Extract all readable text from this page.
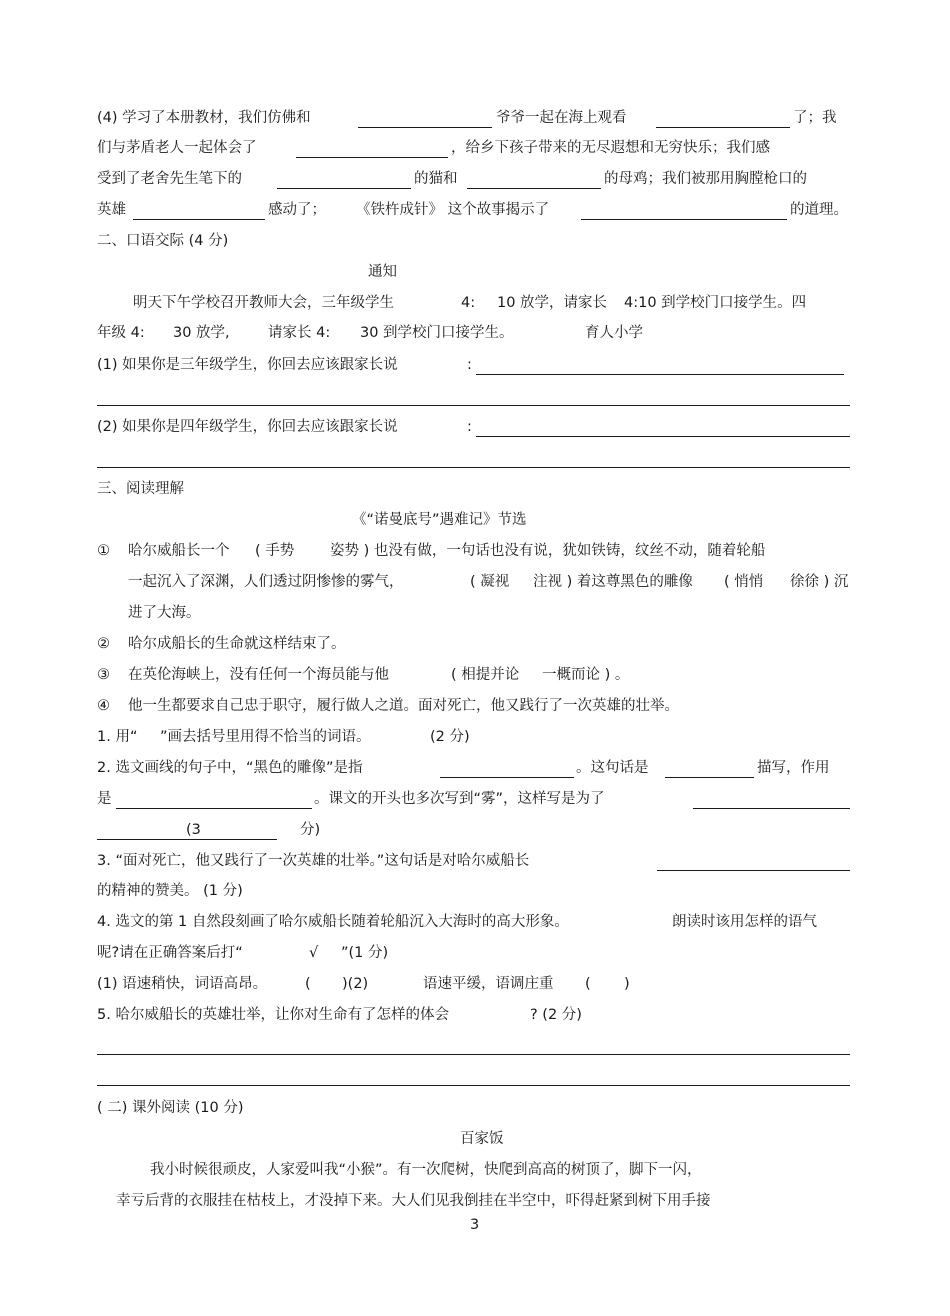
(4) 学习了本册教材，我们仿佛和	爷爷一起在海上观看	了；我
们与茅盾老人一起体会了	，给乡下孩子带来的无尽遐想和无穷快乐；我们感
受到了老舍先生笔下的	的猫和	的母鸡；我们被那用胸膛枪口的
英雄	感动了； 《铁杵成针》 这个故事揭示了	的道理。
二、口语交际 (4 分)
通知
明天下午学校召开教师大会，三年级学生	4: 10 放学，请家长 4:10 到学校门口接学生。四
年级 4: 30 放学,	请家长 4: 30 到学校门口接学生。	育人小学
(1) 如果你是三年级学生，你回去应该跟家长说	:
(2) 如果你是四年级学生，你回去应该跟家长说	:
三、阅读理解
《“诺曼底号”遇难记》节选
① 哈尔威船长一个 ( 手势 姿势 ) 也没有做，一句话也没有说，犹如铁铸，纹丝不动，随着轮船
一起沉入了深渊，人们透过阴惨惨的雾气，	( 凝视 注视 ) 着这尊黑色的雕像 ( 悄悄 徐徐 ) 沉
进了大海。
② 哈尔成船长的生命就这样结束了。
③ 在英伦海峡上，没有任何一个海员能与他	( 相提并论 一概而论 ) 。
④ 他一生都要求自己忠于职守，履行做人之道。面对死亡，他又践行了一次英雄的壮举。
1. 用“ ”画去括号里用得不恰当的词语。	(2 分)
2. 选文画线的句子中，“黑色的雕像”是指	。这句话是	描写，作用
是	。课文的开头也多次写到“雾”，这样写是为了
(3	分)
3. “面对死亡，他又践行了一次英雄的壮举。”这句话是对哈尔威船长
的精神的赞美。 (1 分)
4. 选文的第 1 自然段刻画了哈尔威船长随着轮船沉入大海时的高大形象。	朗读时该用怎样的语气
呢?请在正确答案后打“	√ ”(1 分)
(1) 语速稍快，词语高昂。	( )(2)	语速平缓，语调庄重 ( )
5. 哈尔威船长的英雄壮举，让你对生命有了怎样的体会	? (2 分)
( 二) 课外阅读 (10 分)
百家饭
我小时候很顽皮，人家爱叫我“小猴”。有一次爬树，快爬到高高的树顶了，脚下一闪，
幸亏后背的衣服挂在枯枝上，才没掉下来。大人们见我倒挂在半空中，吓得赶紧到树下用手接
3
